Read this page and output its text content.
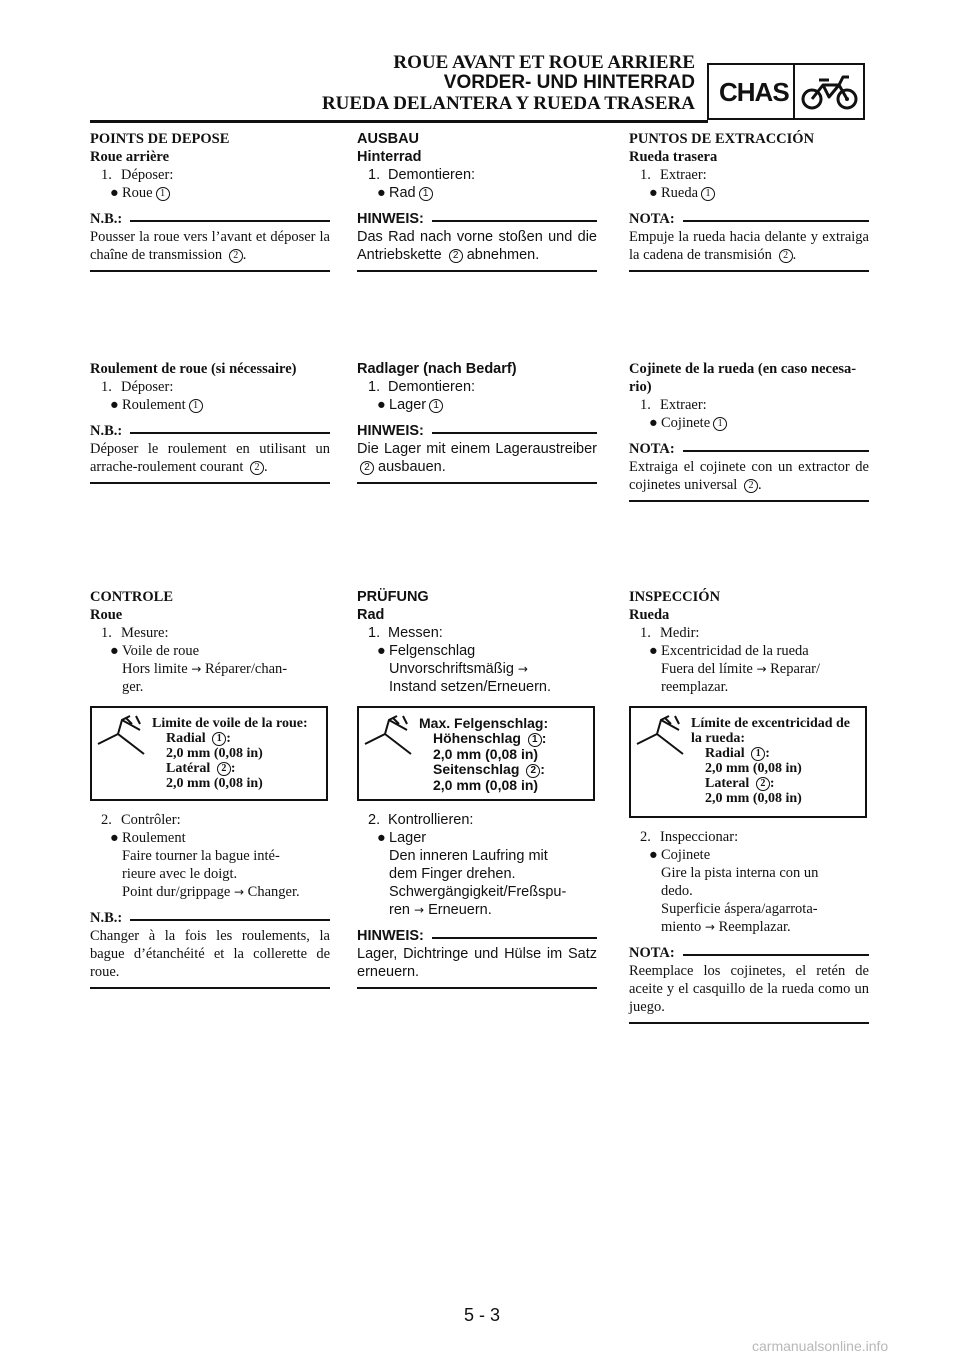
ROUE AVANT ET ROUE ARRIERE
VORDER- UND HINTERRAD
RUEDA DELANTERA Y RUEDA TRASERA CHAS
POINTS DE DEPOSE
Roue arrière
1. Déposer:
● Roue 1
N.B.:
Pousser la roue vers l’avant et déposer la chaîne de transmission 2 .
Roulement de roue (si nécessaire)
1. Déposer:
● Roulement 1
N.B.:
Déposer le roulement en utilisant un arrache-roulement courant 2 .
CONTROLE
Roue
1. Mesure:
● Voile de roue
Hors limite → Réparer/chan-
ger.
Limite de voile de la roue:
Radial 1 :
2,0 mm (0,08 in)
Latéral 2 :
2,0 mm (0,08 in)
2. Contrôler:
● Roulement
Faire tourner la bague inté-
rieure avec le doigt.
Point dur/grippage → Changer.
N.B.:
Changer à la fois les roulements, la bague d’étanchéité et la collerette de roue.
AUSBAU
Hinterrad
1. Demontieren:
● Rad 1
HINWEIS:
Das Rad nach vorne stoßen und die Antriebskette 2 abnehmen.
Radlager (nach Bedarf)
1. Demontieren:
● Lager 1
HINWEIS:
Die Lager mit einem Lageraustreiber 2 ausbauen.
PRÜFUNG
Rad
1. Messen:
● Felgenschlag
Unvorschriftsmäßig →
Instand setzen/Erneuern.
Max. Felgenschlag:
Höhenschlag 1 :
2,0 mm (0,08 in)
Seitenschlag 2 :
2,0 mm (0,08 in)
2. Kontrollieren:
● Lager
Den inneren Laufring mit
dem Finger drehen.
Schwergängigkeit/Freßspu-
ren → Erneuern.
HINWEIS:
Lager, Dichtringe und Hülse im Satz erneuern.
PUNTOS DE EXTRACCIÓN
Rueda trasera
1. Extraer:
● Rueda 1
NOTA:
Empuje la rueda hacia delante y extraiga la cadena de transmisión 2 .
Cojinete de la rueda (en caso necesa-
rio)
1. Extraer:
● Cojinete 1
NOTA:
Extraiga el cojinete con un extractor de cojinetes universal 2 .
INSPECCIÓN
Rueda
1. Medir:
● Excentricidad de la rueda
Fuera del límite → Reparar/
reemplazar.
Límite de excentricidad de
la rueda:
Radial 1 :
2,0 mm (0,08 in)
Lateral 2 :
2,0 mm (0,08 in)
2. Inspeccionar:
● Cojinete
Gire la pista interna con un
dedo.
Superficie áspera/agarrota-
miento → Reemplazar.
NOTA:
Reemplace los cojinetes, el retén de aceite y el casquillo de la rueda como un juego.
5 - 3
carmanualsonline.info
